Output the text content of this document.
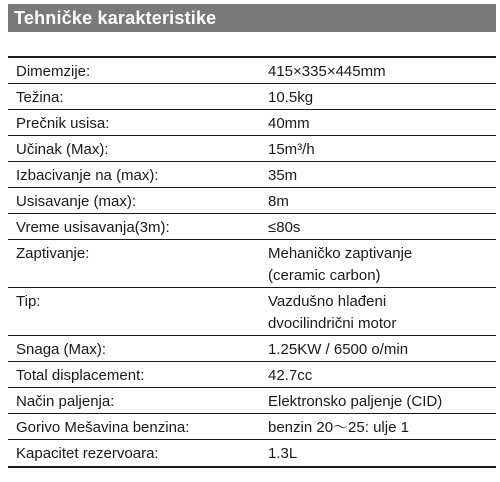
Tehničke karakteristike
Dimemzije:	415×335×445mm
Težina:	10.5kg
Prečnik usisa:	40mm
Učinak (Max):	15m³/h
Izbacivanje na (max):	35m
Usisavanje (max):	8m
Vreme usisavanja(3m):	≤80s
Zaptivanje:	Mehaničko zaptivanje
(ceramic carbon)
Tip:	Vazdušno hlađeni
dvocilindrični motor
Snaga (Max):	1.25KW / 6500 o/min
Total displacement:	42.7cc
Način paljenja:	Elektronsko paljenje (CID)
Gorivo Mešavina benzina:	benzin 20～25: ulje 1
Kapacitet rezervoara:	1.3L
